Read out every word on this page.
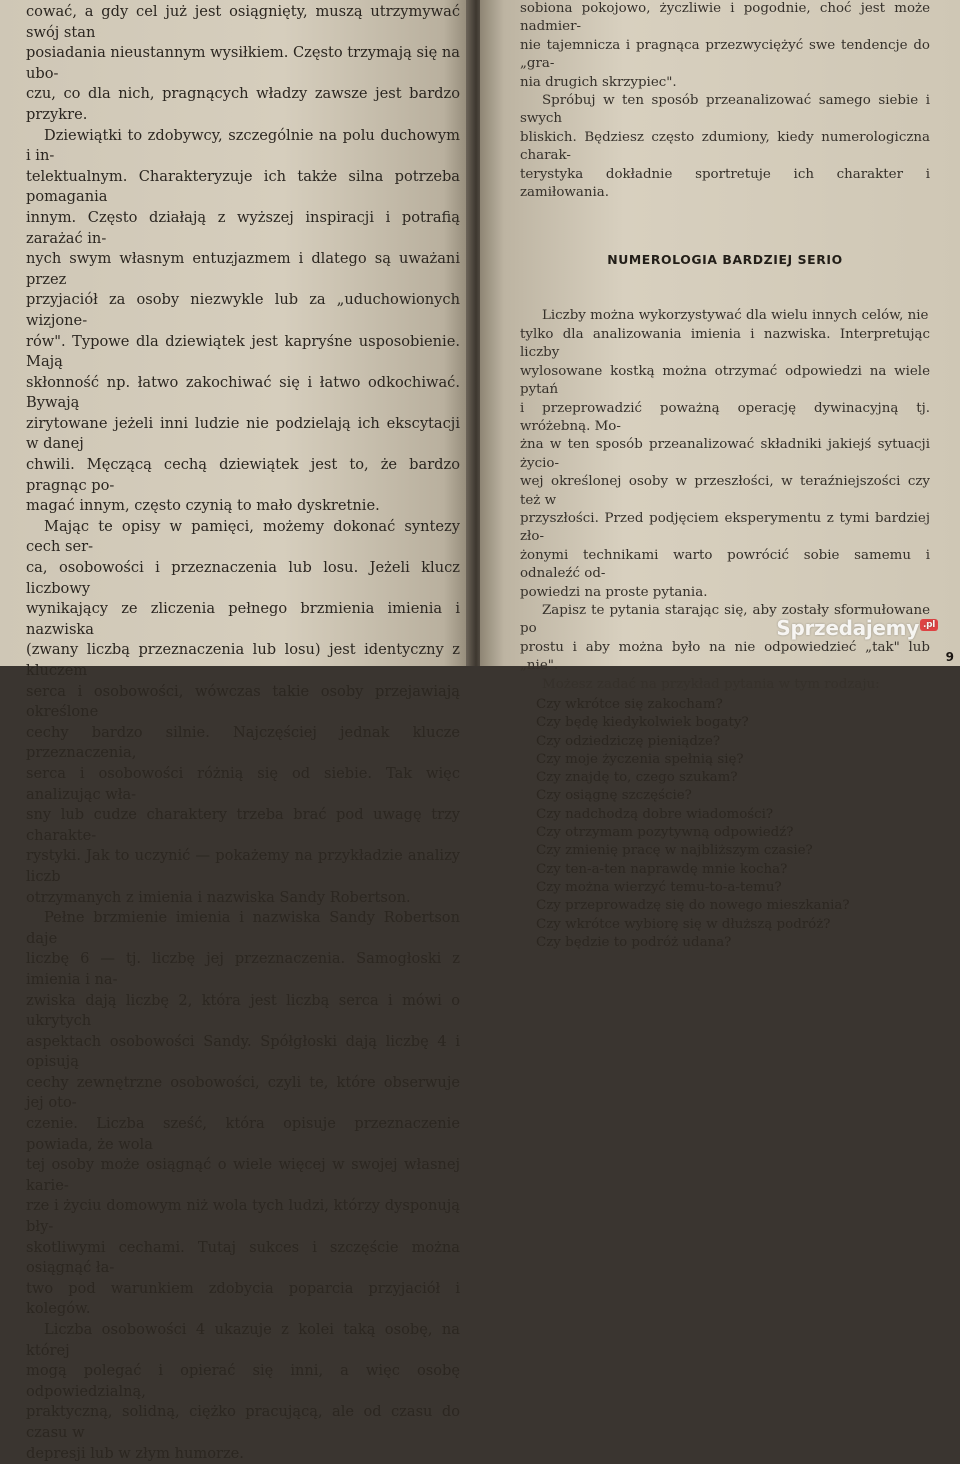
cować, a gdy cel już jest osiągnięty, muszą utrzymywać swój stan

posiadania nieustannym wysiłkiem. Często trzymają się na ubo-

czu, co dla nich, pragnących władzy zawsze jest bardzo przykre.

Dziewiątki to zdobywcy, szczególnie na polu duchowym i in-

telektualnym. Charakteryzuje ich także silna potrzeba pomagania

innym. Często działają z wyższej inspiracji i potrafią zarażać in-

nych swym własnym entuzjazmem i dlatego są uważani przez

przyjaciół za osoby niezwykle lub za „uduchowionych wizjone-

rów". Typowe dla dziewiątek jest kapryśne usposobienie. Mają

skłonność np. łatwo zakochiwać się i łatwo odkochiwać. Bywają

zirytowane jeżeli inni ludzie nie podzielają ich ekscytacji w danej

chwili. Męczącą cechą dziewiątek jest to, że bardzo pragnąc po-

magać innym, często czynią to mało dyskretnie.

Mając te opisy w pamięci, możemy dokonać syntezy cech ser-

ca, osobowości i przeznaczenia lub losu. Jeżeli klucz liczbowy

wynikający ze zliczenia pełnego brzmienia imienia i nazwiska

(zwany liczbą przeznaczenia lub losu) jest identyczny z kluczem

serca i osobowości, wówczas takie osoby przejawiają określone

cechy bardzo silnie. Najczęściej jednak klucze przeznaczenia,

serca i osobowości różnią się od siebie. Tak więc analizując wła-

sny lub cudze charaktery trzeba brać pod uwagę trzy charakte-

rystyki. Jak to uczynić — pokażemy na przykładzie analizy liczb

otrzymanych z imienia i nazwiska Sandy Robertson.

Pełne brzmienie imienia i nazwiska Sandy Robertson daje

liczbę 6 — tj. liczbę jej przeznaczenia. Samogłoski z imienia i na-

zwiska dają liczbę 2, która jest liczbą serca i mówi o ukrytych

aspektach osobowości Sandy. Spółgłoski dają liczbę 4 i opisują

cechy zewnętrzne osobowości, czyli te, które obserwuje jej oto-

czenie. Liczba sześć, która opisuje przeznaczenie powiada, że wola

tej osoby może osiągnąć o wiele więcej w swojej własnej karie-

rze i życiu domowym niż wola tych ludzi, którzy dysponują bły-

skotliwymi cechami. Tutaj sukces i szczęście można osiągnąć ła-

two pod warunkiem zdobycia poparcia przyjaciół i kolegów.

Liczba osobowości 4 ukazuje z kolei taką osobę, na której

mogą polegać i opierać się inni, a więc osobę odpowiedzialną,

praktyczną, solidną, ciężko pracującą, ale od czasu do czasu w

depresji lub w złym humorze.

sobiona pokojowo, życzliwie i pogodnie, choć jest może nadmier-

nie tajemnicza i pragnąca przezwyciężyć swe tendencje do „gra-

nia drugich skrzypiec".

Spróbuj w ten sposób przeanalizować samego siebie i swych

bliskich. Będziesz często zdumiony, kiedy numerologiczna charak-

terystyka dokładnie sportretuje ich charakter i zamiłowania.

NUMEROLOGIA BARDZIEJ SERIO

Liczby można wykorzystywać dla wielu innych celów, nie

tylko dla analizowania imienia i nazwiska. Interpretując liczby

wylosowane kostką można otrzymać odpowiedzi na wiele pytań

i przeprowadzić poważną operację dywinacyjną tj. wróżebną. Mo-

żna w ten sposób przeanalizować składniki jakiejś sytuacji życio-

wej określonej osoby w przeszłości, w teraźniejszości czy też w

przyszłości. Przed podjęciem eksperymentu z tymi bardziej zło-

żonymi technikami warto powrócić sobie samemu i odnaleźć od-

powiedzi na proste pytania.

Zapisz te pytania starając się, aby zostały sformułowane po

prostu i aby można było na nie odpowiedzieć „tak" lub „nie".

Możesz zadać na przykład pytania w tym rodzaju:

Czy wkrótce się zakocham?
Czy będę kiedykolwiek bogaty?
Czy odziedziczę pieniądze?
Czy moje życzenia spełnią się?
Czy znajdę to, czego szukam?
Czy osiągnę szczęście?
Czy nadchodzą dobre wiadomości?
Czy otrzymam pozytywną odpowiedź?
Czy zmienię pracę w najbliższym czasie?
Czy ten-a-ten naprawdę mnie kocha?
Czy można wierzyć temu-to-a-temu?
Czy przeprowadzę się do nowego mieszkania?
Czy wkrótce wybiorę się w dłuższą podróż?
Czy będzie to podróż udana?
9
Sprzedajemy .pl
